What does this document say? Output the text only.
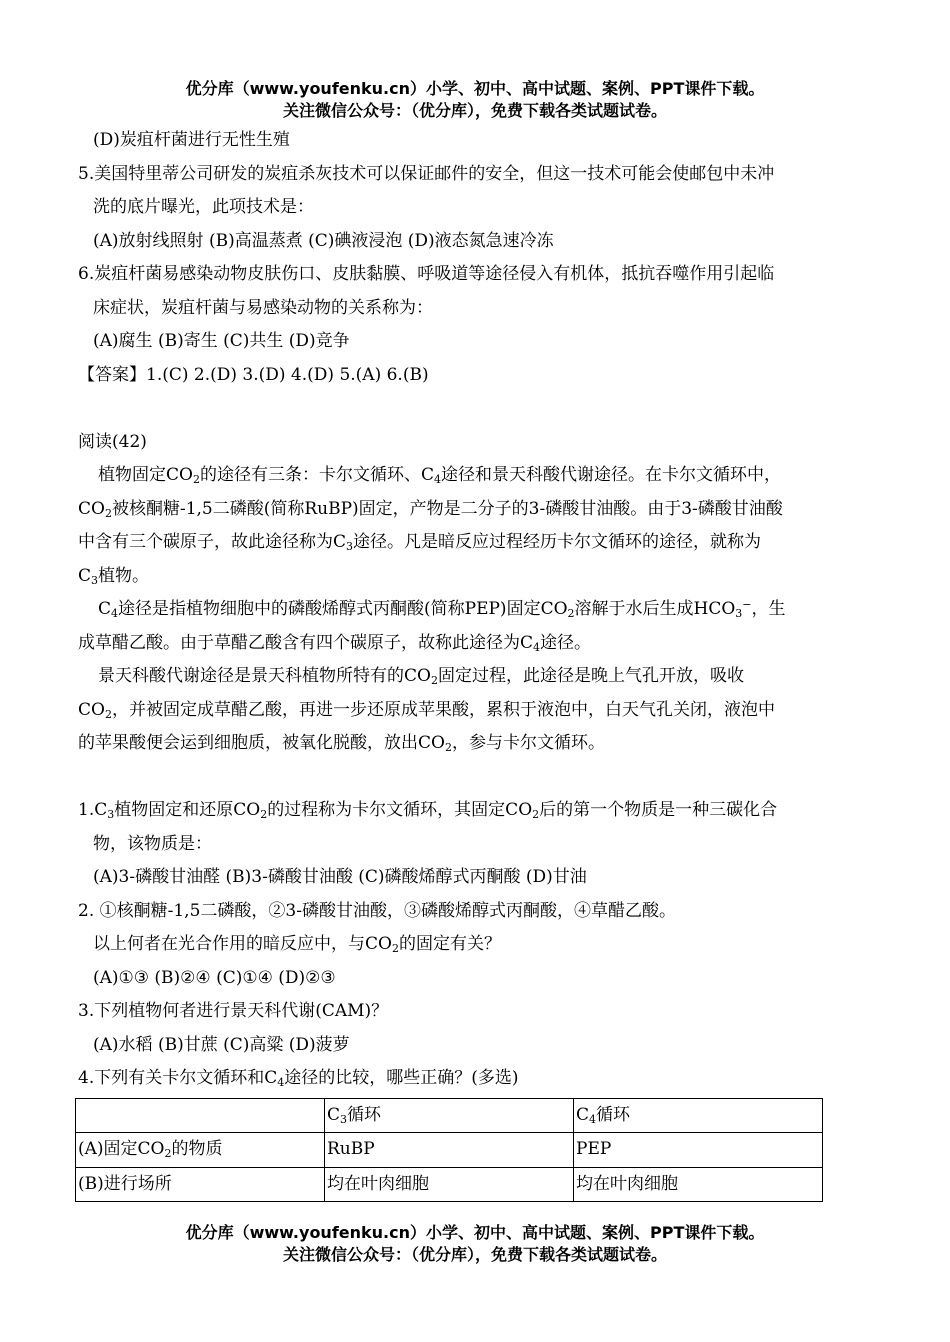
优分库（www.youfenku.cn）小学、初中、高中试题、案例、PPT课件下载。
关注微信公众号：（优分库），免费下载各类试题试卷。

(D)炭疽杆菌进行无性生殖

5.美国特里蒂公司研发的炭疽杀灰技术可以保证邮件的安全，但这一技术可能会使邮包中未冲

洗的底片曝光，此项技术是：

(A)放射线照射 (B)高温蒸煮 (C)碘液浸泡 (D)液态氮急速冷冻

6.炭疽杆菌易感染动物皮肤伤口、皮肤黏膜、呼吸道等途径侵入有机体，抵抗吞噬作用引起临

床症状，炭疽杆菌与易感染动物的关系称为：

(A)腐生 (B)寄生 (C)共生 (D)竞争

【答案】1.(C) 2.(D) 3.(D) 4.(D) 5.(A) 6.(B)

阅读(42)

植物固定$CO_2$的途径有三条：卡尔文循环、$C_4$途径和景天科酸代谢途径。在卡尔文循环中，

$CO_2$被核酮糖-1,5二磷酸(简称RuBP)固定，产物是二分子的3-磷酸甘油酸。由于3-磷酸甘油酸

中含有三个碳原子，故此途径称为$C_3$途径。凡是暗反应过程经历卡尔文循环的途径，就称为

$C_3$植物。

$C_4$途径是指植物细胞中的磷酸烯醇式丙酮酸(简称PEP)固定$CO_2$溶解于水后生成$HCO_3^-$，生

成草醋乙酸。由于草醋乙酸含有四个碳原子，故称此途径为$C_4$途径。

景天科酸代谢途径是景天科植物所特有的$CO_2$固定过程，此途径是晚上气孔开放，吸收

$CO_2$，并被固定成草醋乙酸，再进一步还原成苹果酸，累积于液泡中，白天气孔关闭，液泡中

的苹果酸便会运到细胞质，被氧化脱酸，放出$CO_2$，参与卡尔文循环。

$1.C_3$植物固定和还原$CO_2$的过程称为卡尔文循环，其固定$CO_2$后的第一个物质是一种三碳化合

物，该物质是：

(A)3-磷酸甘油醛 (B)3-磷酸甘油酸 (C)磷酸烯醇式丙酮酸 (D)甘油

2. ①核酮糖-1,5二磷酸，②3-磷酸甘油酸，③磷酸烯醇式丙酮酸，④草醋乙酸。

以上何者在光合作用的暗反应中，与$CO_2$的固定有关？

(A)①③ (B)②④ (C)①④ (D)②③

3.下列植物何者进行景天科代谢(CAM)？

(A)水稻 (B)甘蔗 (C)高粱 (D)菠萝

4.下列有关卡尔文循环和$C_4$途径的比较，哪些正确？(多选)

	$C_3$循环	$C_4$循环
(A)固定$CO_2$的物质	RuBP	PEP
(B)进行场所	均在叶肉细胞	均在叶肉细胞
优分库（www.youfenku.cn）小学、初中、高中试题、案例、PPT课件下载。
关注微信公众号：（优分库），免费下载各类试题试卷。
